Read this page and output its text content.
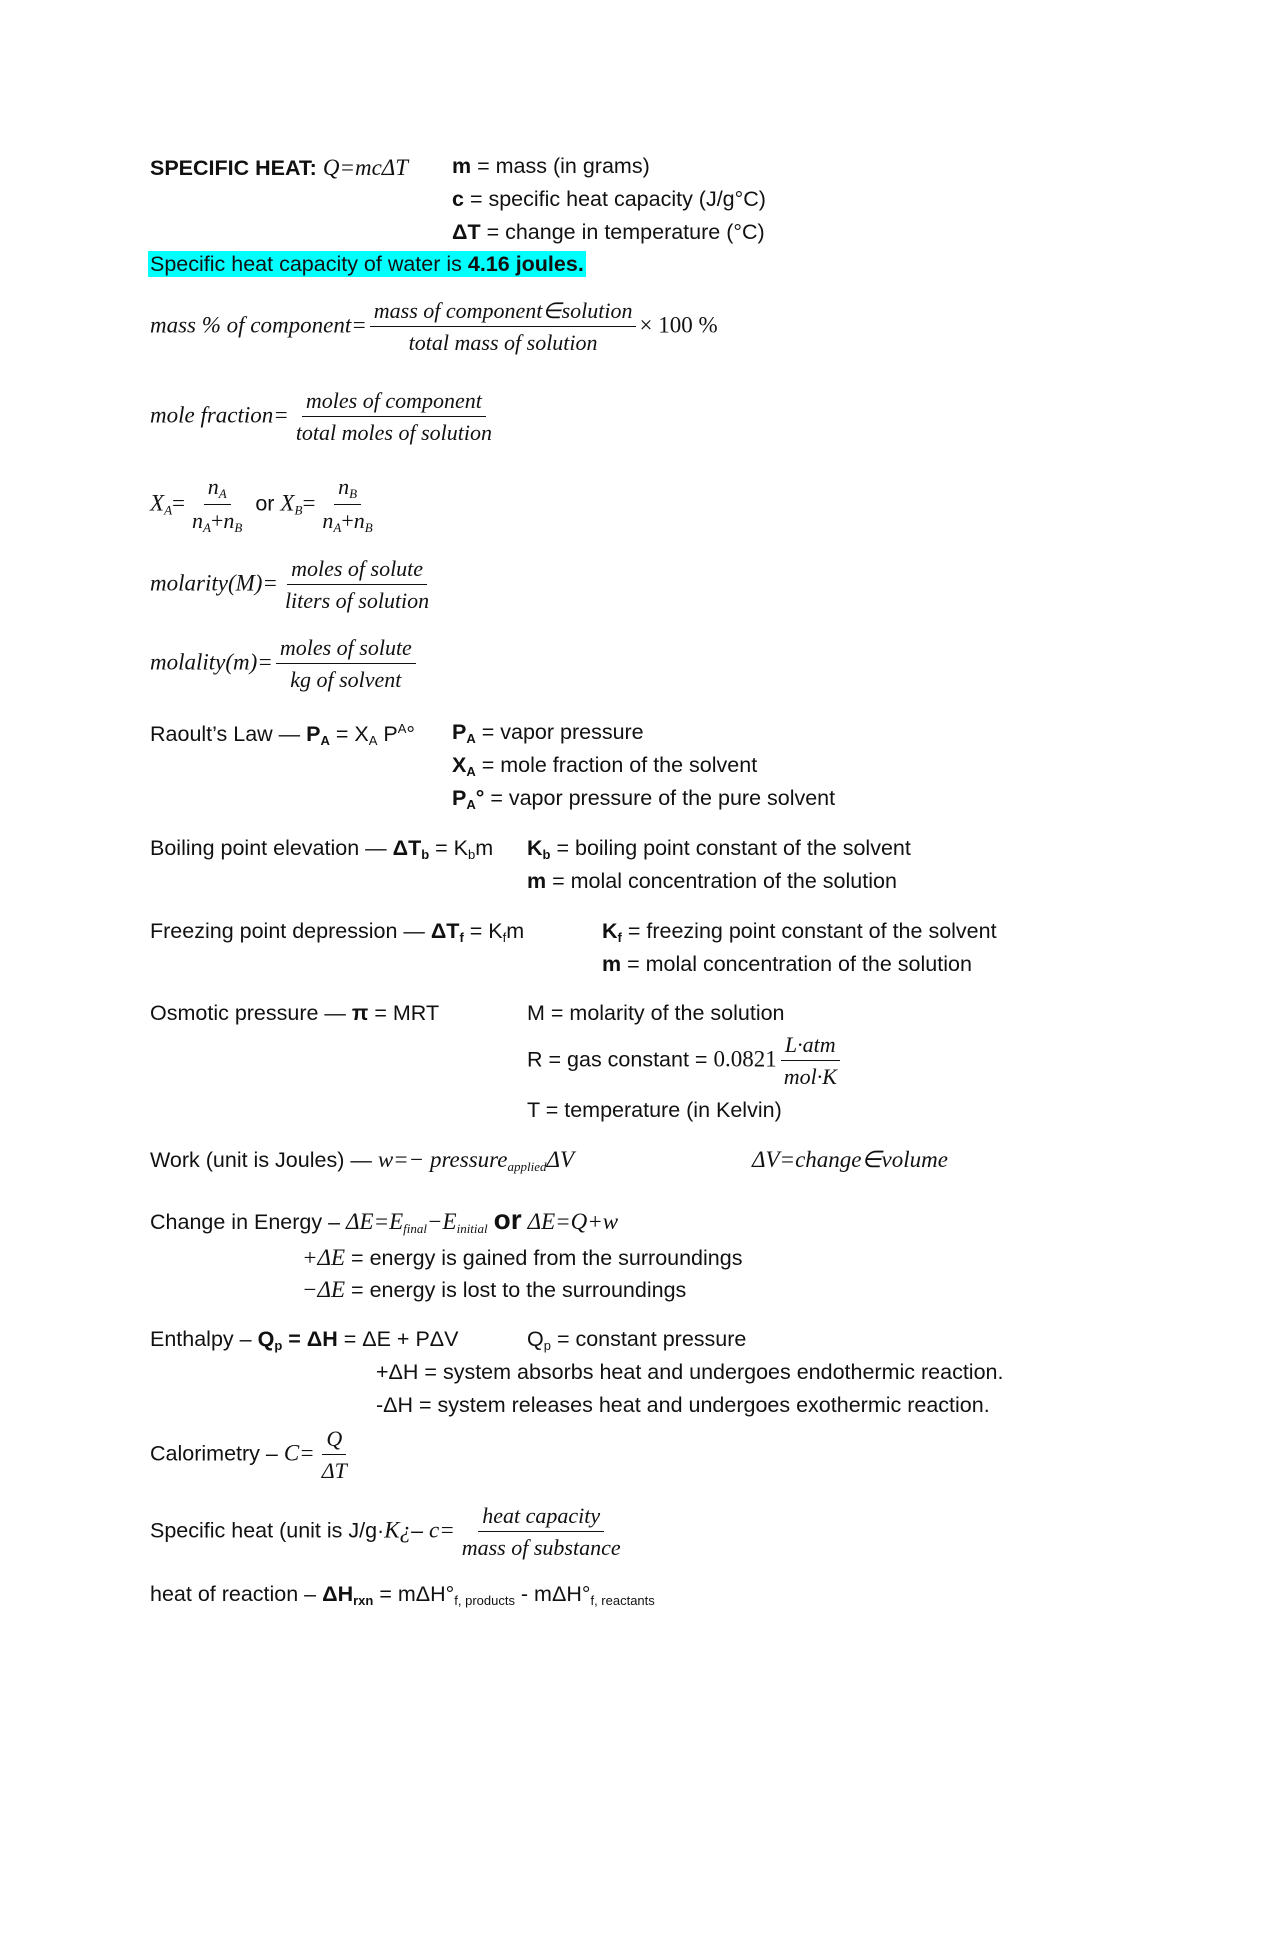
SPECIFIC HEAT: Q=mcΔT m = mass (in grams)
c = specific heat capacity (J/g°C)
ΔT = change in temperature (°C)
Specific heat capacity of water is 4.16 joules.
mass % of component= $\frac{\text{mass of component∈solution}}{\text{total mass of solution}} \times 100$ %
mole fraction= $\frac{\text{moles of component}}{\text{total moles of solution}}$
$X_A= \frac{n_A}{n_A+n_B}$ or $X_B= \frac{n_B}{n_A+n_B}$
molarity(M)= $\frac{\text{moles of solute}}{\text{liters of solution}}$
molality(m)= $\frac{\text{moles of solute}}{\text{kg of solvent}}$
Raoult’s Law — $P_A = X_A$ $P^A^\circ$ $P_A$ = vapor pressure
$X_A$ = mole fraction of the solvent
$P_A^\circ$ = vapor pressure of the pure solvent
Boiling point elevation — $\Delta T_b = K_bm$ $K_b$ = boiling point constant of the solvent
m = molal concentration of the solution
Freezing point depression — $\Delta T_f = K_fm$	$K_f$ = freezing point constant of the solvent
m = molal concentration of the solution
Osmotic pressure — π = MRT	M = molarity of the solution
R = gas constant = $0.0821 \frac{\text{L·atm}}{\text{mol·K}}$
T = temperature (in Kelvin)
Work (unit is Joules) — w=− pressure$_{applied}$ΔV	ΔV=change∈volume
Change in Energy – $\Delta E=E_{final}-E_{initial}$ or ΔE=Q+w
+ΔE = energy is gained from the surroundings
−ΔE = energy is lost to the surroundings
Enthalpy – $Q_p = \Delta H = \Delta E + P\Delta V$	$Q_p$ = constant pressure
+ΔH = system absorbs heat and undergoes endothermic reaction.
-ΔH = system releases heat and undergoes exothermic reaction.
Calorimetry – $C= \frac{Q}{\Delta T}$
Specific heat (unit is J/g·K¿– $c= \frac{\text{heat capacity}}{\text{mass of substance}}$
heat of reaction – $\Delta H_{rxn} = m\Delta H^\circ_{f, products} - m\Delta H^\circ_{f, reactants}$
